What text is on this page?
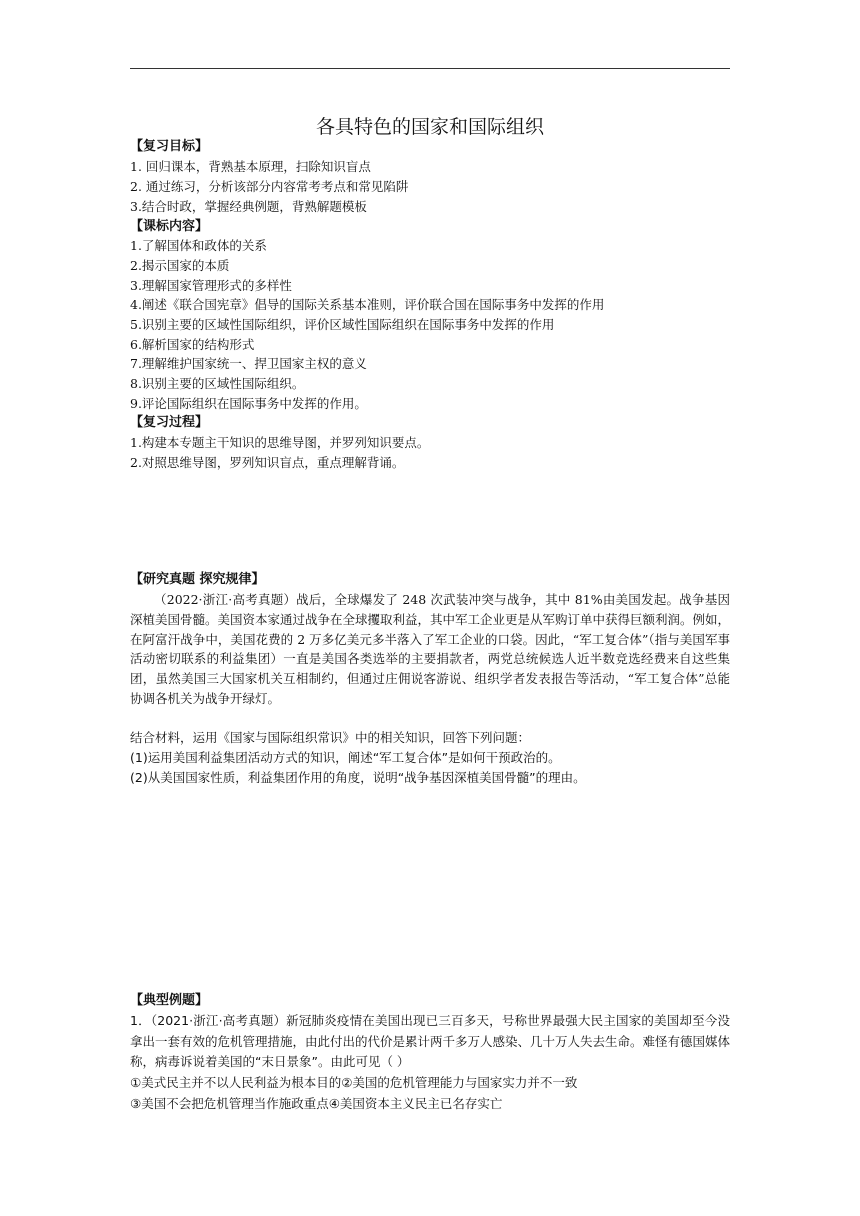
各具特色的国家和国际组织
【复习目标】
1. 回归课本，背熟基本原理，扫除知识盲点
2. 通过练习，分析该部分内容常考考点和常见陷阱
3.结合时政，掌握经典例题，背熟解题模板
【课标内容】
1.了解国体和政体的关系
2.揭示国家的本质
3.理解国家管理形式的多样性
4.阐述《联合国宪章》倡导的国际关系基本准则，评价联合国在国际事务中发挥的作用
5.识别主要的区域性国际组织，评价区域性国际组织在国际事务中发挥的作用
6.解析国家的结构形式
7.理解维护国家统一、捍卫国家主权的意义
8.识别主要的区域性国际组织。
9.评论国际组织在国际事务中发挥的作用。
【复习过程】
1.构建本专题主干知识的思维导图，并罗列知识要点。
2.对照思维导图，罗列知识盲点，重点理解背诵。
【研究真题 探究规律】
（2022·浙江·高考真题）战后，全球爆发了 248 次武装冲突与战争，其中 81%由美国发起。战争基因深植美国骨髓。美国资本家通过战争在全球攫取利益，其中军工企业更是从军购订单中获得巨额利润。例如，在阿富汗战争中，美国花费的 2 万多亿美元多半落入了军工企业的口袋。因此，“军工复合体”（指与美国军事活动密切联系的利益集团）一直是美国各类选举的主要捐款者，两党总统候选人近半数竞选经费来自这些集团，虽然美国三大国家机关互相制约，但通过庄佣说客游说、组织学者发表报告等活动，“军工复合体”总能协调各机关为战争开绿灯。
结合材料，运用《国家与国际组织常识》中的相关知识，回答下列问题：
(1)运用美国利益集团活动方式的知识，阐述“军工复合体”是如何干预政治的。
(2)从美国国家性质，利益集团作用的角度，说明“战争基因深植美国骨髓”的理由。
【典型例题】
1．（2021·浙江·高考真题）新冠肺炎疫情在美国出现已三百多天，号称世界最强大民主国家的美国却至今没拿出一套有效的危机管理措施，由此付出的代价是累计两千多万人感染、几十万人失去生命。难怪有德国媒体称，病毒诉说着美国的“末日景象”。由此可见（ ）
①美式民主并不以人民利益为根本目的②美国的危机管理能力与国家实力并不一致
③美国不会把危机管理当作施政重点④美国资本主义民主已名存实亡
